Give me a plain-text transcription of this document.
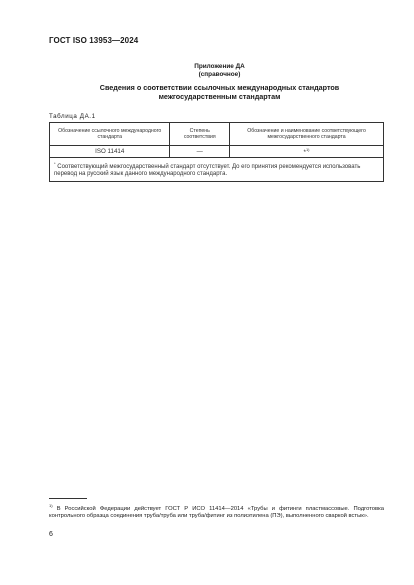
ГОСТ ISO 13953—2024
Приложение ДА
(справочное)
Сведения о соответствии ссылочных международных стандартов
межгосударственным стандартам
Таблица ДА.1
Обозначение ссылочного международного стандарта	Степень соответствия	Обозначение и наименование соответствующего межгосударственного стандарта
ISO 11414	—	*$^{1)}$
* Соответствующий межгосударственный стандарт отсутствует. До его принятия рекомендуется использовать перевод на русский язык данного международного стандарта.		
$^{1)}$ В Российской Федерации действует ГОСТ Р ИСО 11414—2014 «Трубы и фитинги пластмассовые. Подготовка контрольного образца соединения труба/труба или труба/фитинг из полиэтилена (ПЭ), выполненного сваркой встык».
6
